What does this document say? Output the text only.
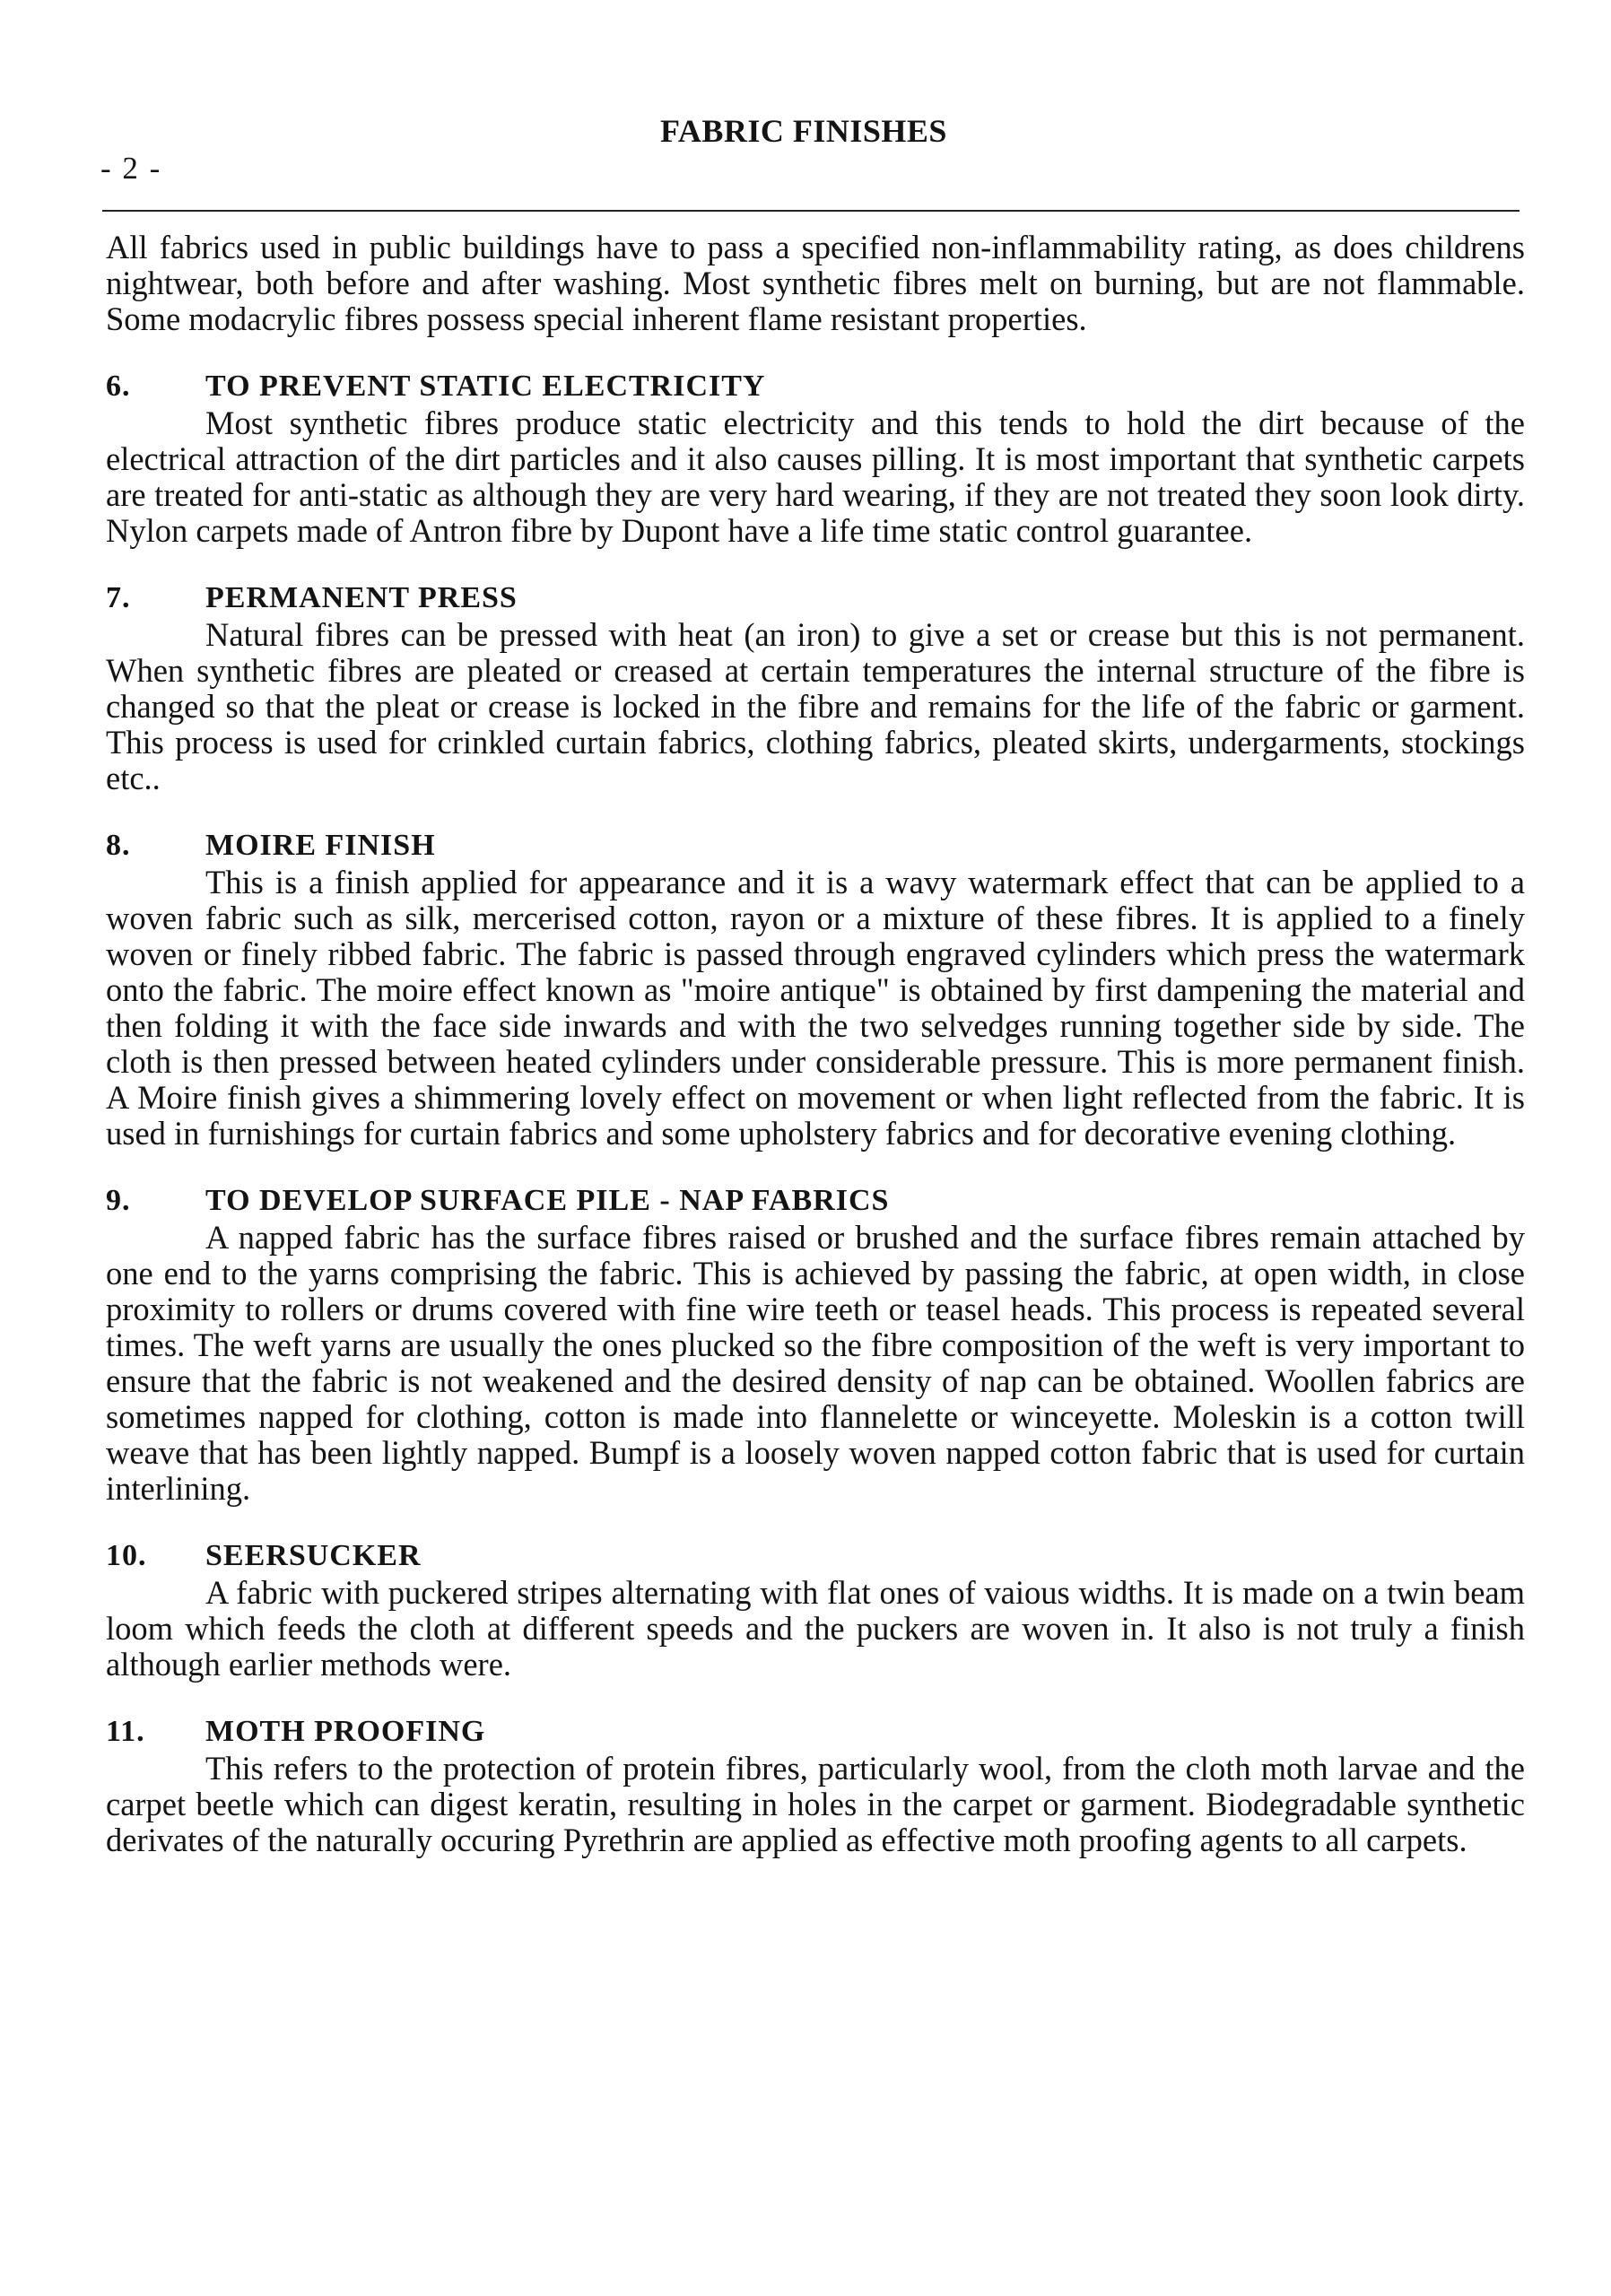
- 2 -
FABRIC FINISHES

All fabrics used in public buildings have to pass a specified non-inflammability rating, as does childrens nightwear, both before and after washing. Most synthetic fibres melt on burning, but are not flammable. Some modacrylic fibres possess special inherent flame resistant properties.

6. TO PREVENT STATIC ELECTRICITY

Most synthetic fibres produce static electricity and this tends to hold the dirt because of the electrical attraction of the dirt particles and it also causes pilling. It is most important that synthetic carpets are treated for anti-static as although they are very hard wearing, if they are not treated they soon look dirty. Nylon carpets made of Antron fibre by Dupont have a life time static control guarantee.

7. PERMANENT PRESS

Natural fibres can be pressed with heat (an iron) to give a set or crease but this is not permanent. When synthetic fibres are pleated or creased at certain temperatures the internal structure of the fibre is changed so that the pleat or crease is locked in the fibre and remains for the life of the fabric or garment. This process is used for crinkled curtain fabrics, clothing fabrics, pleated skirts, undergarments, stockings etc..

8. MOIRE FINISH

This is a finish applied for appearance and it is a wavy watermark effect that can be applied to a woven fabric such as silk, mercerised cotton, rayon or a mixture of these fibres. It is applied to a finely woven or finely ribbed fabric. The fabric is passed through engraved cylinders which press the watermark onto the fabric. The moire effect known as "moire antique" is obtained by first dampening the material and then folding it with the face side inwards and with the two selvedges running together side by side. The cloth is then pressed between heated cylinders under considerable pressure. This is more permanent finish. A Moire finish gives a shimmering lovely effect on movement or when light reflected from the fabric. It is used in furnishings for curtain fabrics and some upholstery fabrics and for decorative evening clothing.

9. TO DEVELOP SURFACE PILE - NAP FABRICS

A napped fabric has the surface fibres raised or brushed and the surface fibres remain attached by one end to the yarns comprising the fabric. This is achieved by passing the fabric, at open width, in close proximity to rollers or drums covered with fine wire teeth or teasel heads. This process is repeated several times. The weft yarns are usually the ones plucked so the fibre composition of the weft is very important to ensure that the fabric is not weakened and the desired density of nap can be obtained. Woollen fabrics are sometimes napped for clothing, cotton is made into flannelette or winceyette. Moleskin is a cotton twill weave that has been lightly napped. Bumpf is a loosely woven napped cotton fabric that is used for curtain interlining.

10. SEERSUCKER

A fabric with puckered stripes alternating with flat ones of vaious widths. It is made on a twin beam loom which feeds the cloth at different speeds and the puckers are woven in. It also is not truly a finish although earlier methods were.

11. MOTH PROOFING

This refers to the protection of protein fibres, particularly wool, from the cloth moth larvae and the carpet beetle which can digest keratin, resulting in holes in the carpet or garment. Biodegradable synthetic derivates of the naturally occuring Pyrethrin are applied as effective moth proofing agents to all carpets.
